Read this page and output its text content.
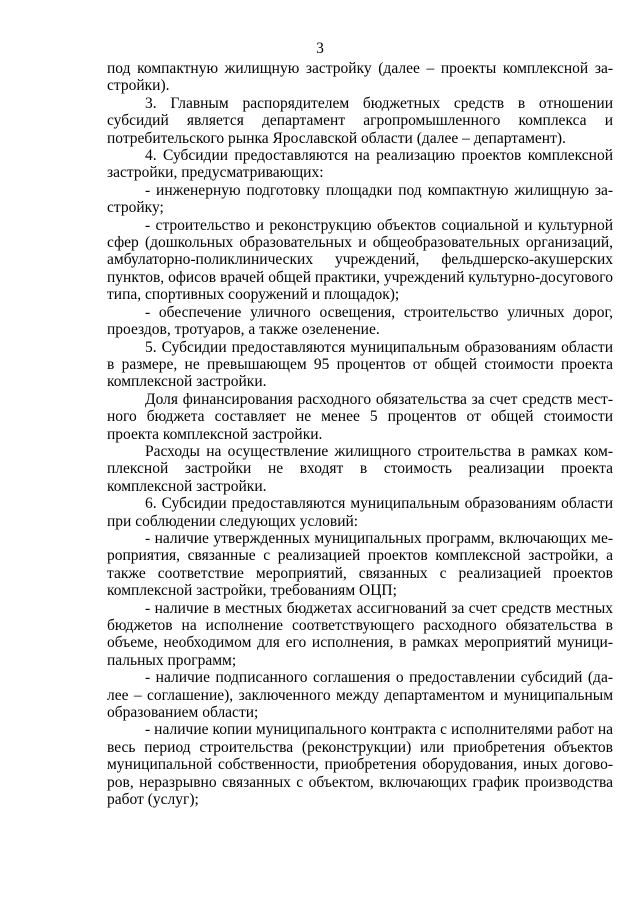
3

под компактную жилищную застройку (далее – проекты комплексной застройки).

3. Главным распорядителем бюджетных средств в отношении субсидий является департамент агропромышленного комплекса и потребительского рынка Ярославской области (далее – департамент).

4. Субсидии предоставляются на реализацию проектов комплексной застройки, предусматривающих:

- инженерную подготовку площадки под компактную жилищную застройку;

- строительство и реконструкцию объектов социальной и культурной сфер (дошкольных образовательных и общеобразовательных организаций, амбулаторно-поликлинических учреждений, фельдшерско-акушерских пунктов, офисов врачей общей практики, учреждений культурно-досугового типа, спортивных сооружений и площадок);

- обеспечение уличного освещения, строительство уличных дорог, проездов, тротуаров, а также озеленение.

5. Субсидии предоставляются муниципальным образованиям области в размере, не превышающем 95 процентов от общей стоимости проекта комплексной застройки.

Доля финансирования расходного обязательства за счет средств местного бюджета составляет не менее 5 процентов от общей стоимости проекта комплексной застройки.

Расходы на осуществление жилищного строительства в рамках комплексной застройки не входят в стоимость реализации проекта комплексной застройки.

6. Субсидии предоставляются муниципальным образованиям области при соблюдении следующих условий:

- наличие утвержденных муниципальных программ, включающих мероприятия, связанные с реализацией проектов комплексной застройки, а также соответствие мероприятий, связанных с реализацией проектов комплексной застройки, требованиям ОЦП;

- наличие в местных бюджетах ассигнований за счет средств местных бюджетов на исполнение соответствующего расходного обязательства в объеме, необходимом для его исполнения, в рамках мероприятий муниципальных программ;

- наличие подписанного соглашения о предоставлении субсидий (далее – соглашение), заключенного между департаментом и муниципальным образованием области;

- наличие копии муниципального контракта с исполнителями работ на весь период строительства (реконструкции) или приобретения объектов муниципальной собственности, приобретения оборудования, иных договоров, неразрывно связанных с объектом, включающих график производства работ (услуг);
